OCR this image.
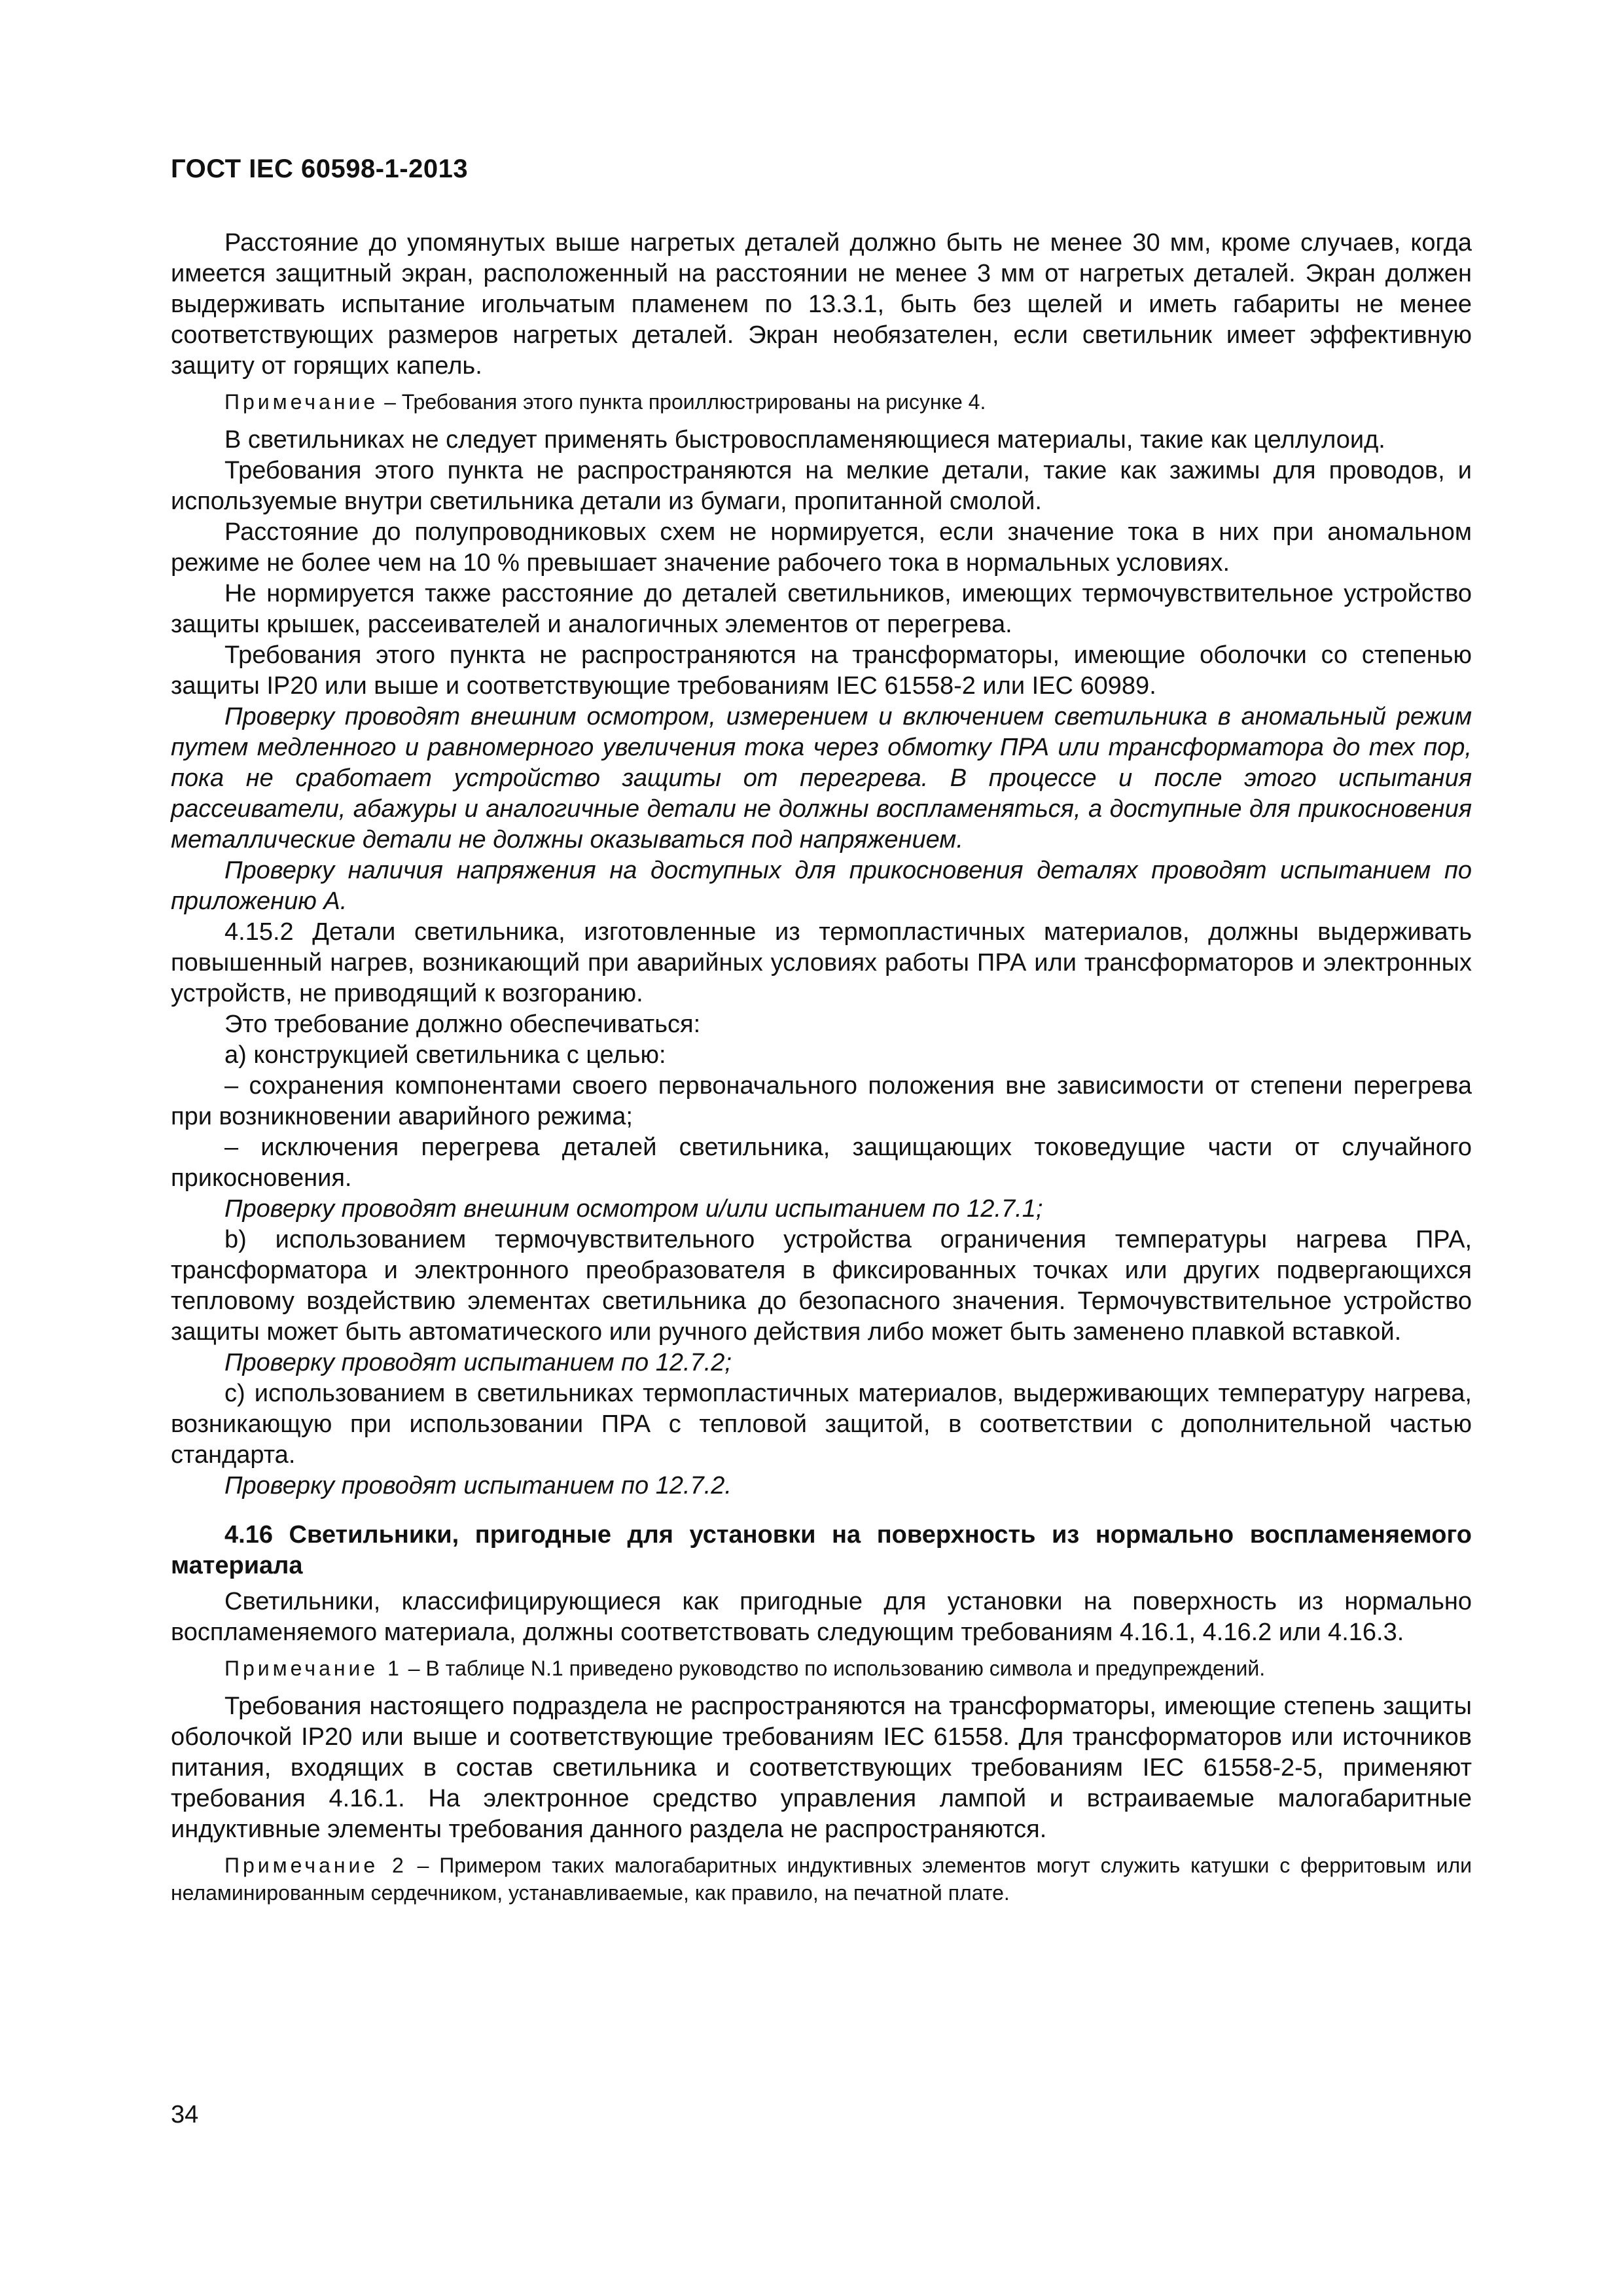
ГОСТ IEC 60598-1-2013

Расстояние до упомянутых выше нагретых деталей должно быть не менее 30 мм, кроме случаев, когда имеется защитный экран, расположенный на расстоянии не менее 3 мм от нагретых деталей. Экран должен выдерживать испытание игольчатым пламенем по 13.3.1, быть без щелей и иметь габариты не менее соответствующих размеров нагретых деталей. Экран необязателен, если светильник имеет эффективную защиту от горящих капель.

Примечание – Требования этого пункта проиллюстрированы на рисунке 4.

В светильниках не следует применять быстровоспламеняющиеся материалы, такие как целлулоид.

Требования этого пункта не распространяются на мелкие детали, такие как зажимы для проводов, и используемые внутри светильника детали из бумаги, пропитанной смолой.

Расстояние до полупроводниковых схем не нормируется, если значение тока в них при аномальном режиме не более чем на 10 % превышает значение рабочего тока в нормальных условиях.

Не нормируется также расстояние до деталей светильников, имеющих термочувствительное устройство защиты крышек, рассеивателей и аналогичных элементов от перегрева.

Требования этого пункта не распространяются на трансформаторы, имеющие оболочки со степенью защиты IP20 или выше и соответствующие требованиям IEC 61558-2 или IEC 60989.

Проверку проводят внешним осмотром, измерением и включением светильника в аномальный режим путем медленного и равномерного увеличения тока через обмотку ПРА или трансформатора до тех пор, пока не сработает устройство защиты от перегрева. В процессе и после этого испытания рассеиватели, абажуры и аналогичные детали не должны воспламеняться, а доступные для прикосновения металлические детали не должны оказываться под напряжением.

Проверку наличия напряжения на доступных для прикосновения деталях проводят испытанием по приложению А.

4.15.2 Детали светильника, изготовленные из термопластичных материалов, должны выдерживать повышенный нагрев, возникающий при аварийных условиях работы ПРА или трансформаторов и электронных устройств, не приводящий к возгоранию.

Это требование должно обеспечиваться:

а) конструкцией светильника с целью:

– сохранения компонентами своего первоначального положения вне зависимости от степени перегрева при возникновении аварийного режима;

– исключения перегрева деталей светильника, защищающих токоведущие части от случайного прикосновения.

Проверку проводят внешним осмотром и/или испытанием по 12.7.1;

b) использованием термочувствительного устройства ограничения температуры нагрева ПРА, трансформатора и электронного преобразователя в фиксированных точках или других подвергающихся тепловому воздействию элементах светильника до безопасного значения. Термочувствительное устройство защиты может быть автоматического или ручного действия либо может быть заменено плавкой вставкой.

Проверку проводят испытанием по 12.7.2;

с) использованием в светильниках термопластичных материалов, выдерживающих температуру нагрева, возникающую при использовании ПРА с тепловой защитой, в соответствии с дополнительной частью стандарта.

Проверку проводят испытанием по 12.7.2.

4.16 Светильники, пригодные для установки на поверхность из нормально воспламеняемого материала

Светильники, классифицирующиеся как пригодные для установки на поверхность из нормально воспламеняемого материала, должны соответствовать следующим требованиям 4.16.1, 4.16.2 или 4.16.3.

Примечание 1 – В таблице N.1 приведено руководство по использованию символа и предупреждений.

Требования настоящего подраздела не распространяются на трансформаторы, имеющие степень защиты оболочкой IP20 или выше и соответствующие требованиям IEC 61558. Для трансформаторов или источников питания, входящих в состав светильника и соответствующих требованиям IEC 61558-2-5, применяют требования 4.16.1. На электронное средство управления лампой и встраиваемые малогабаритные индуктивные элементы требования данного раздела не распространяются.

Примечание 2 – Примером таких малогабаритных индуктивных элементов могут служить катушки с ферритовым или неламинированным сердечником, устанавливаемые, как правило, на печатной плате.

34
